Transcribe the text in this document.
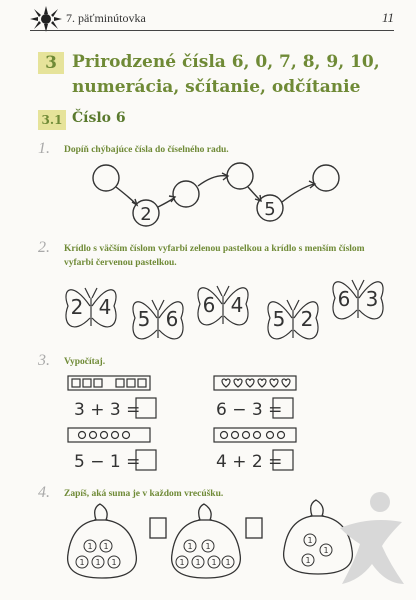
7. päťminútovka	11
3 Prirodzené čísla 6, 0, 7, 8, 9, 10, numerácia, sčítanie, odčítanie
3.1 Číslo 6
1. Dopíň chýbajúce čísla do číselného radu.
2	5
2. Krídlo s väčším číslom vyfarbi zelenou pastelkou a krídlo s menším číslom vyfarbi červenou pastelkou.
2 4 5 6
6 4
5 2
6 3
3. Vypočítaj.
3 + 3 =	6 − 3 =
5 − 1 =	4 + 2 =
4. Zapíš, aká suma je v každom vrecúšku.
1 1
1 1 1
1 1
1 1 1 1
1
1
1
